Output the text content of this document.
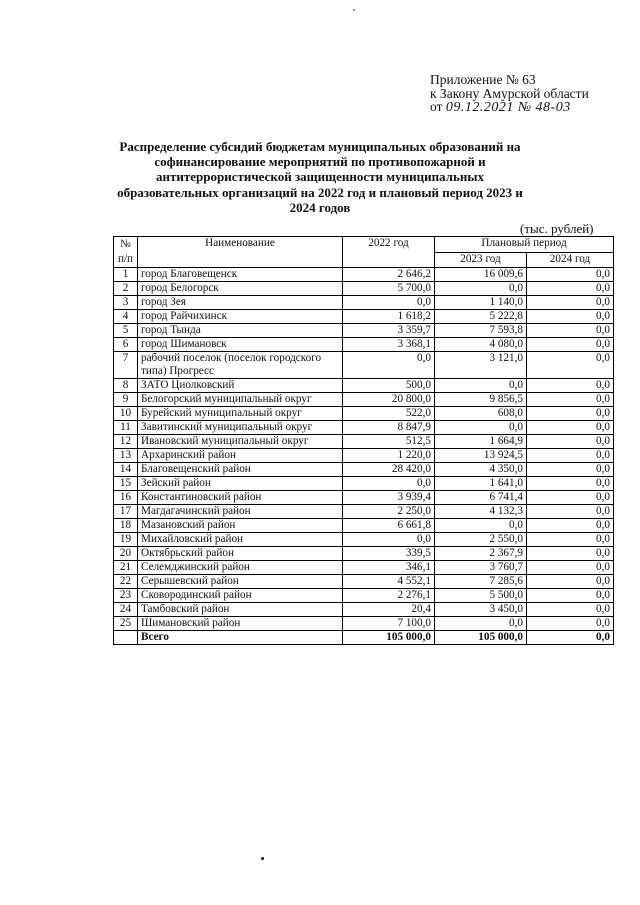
Приложение № 63
к Закону Амурской области
от 09.12.2021 № 48-03
Распределение субсидий бюджетам муниципальных образований на софинансирование мероприятий по противопожарной и антитеррористической защищенности муниципальных образовательных организаций на 2022 год и плановый период 2023 и 2024 годов
(тыс. рублей)
№ п/п	Наименование	2022 год	Плановый период	
			2023 год	2024 год
1	город Благовещенск	2 646,2	16 009,6	0,0
2	город Белогорск	5 700,0	0,0	0,0
3	город Зея	0,0	1 140,0	0,0
4	город Райчихинск	1 618,2	5 222,8	0,0
5	город Тында	3 359,7	7 593,8	0,0
6	город Шимановск	3 368,1	4 080,0	0,0
7	рабочий поселок (поселок городского типа) Прогресс	0,0	3 121,0	0,0
8	ЗАТО Циолковский	500,0	0,0	0,0
9	Белогорский муниципальный округ	20 800,0	9 856,5	0,0
10	Бурейский муниципальный округ	522,0	608,0	0,0
11	Завитинский муниципальный округ	8 847,9	0,0	0,0
12	Ивановский муниципальный округ	512,5	1 664,9	0,0
13	Архаринский район	1 220,0	13 924,5	0,0
14	Благовещенский район	28 420,0	4 350,0	0,0
15	Зейский район	0,0	1 641,0	0,0
16	Константиновский район	3 939,4	6 741,4	0,0
17	Магдагачинский район	2 250,0	4 132,3	0,0
18	Мазановский район	6 661,8	0,0	0,0
19	Михайловский район	0,0	2 550,0	0,0
20	Октябрьский район	339,5	2 367,9	0,0
21	Селемджинский район	346,1	3 760,7	0,0
22	Серышевский район	4 552,1	7 285,6	0,0
23	Сковородинский район	2 276,1	5 500,0	0,0
24	Тамбовский район	20,4	3 450,0	0,0
25	Шимановский район	7 100,0	0,0	0,0
	Всего	105 000,0	105 000,0	0,0
